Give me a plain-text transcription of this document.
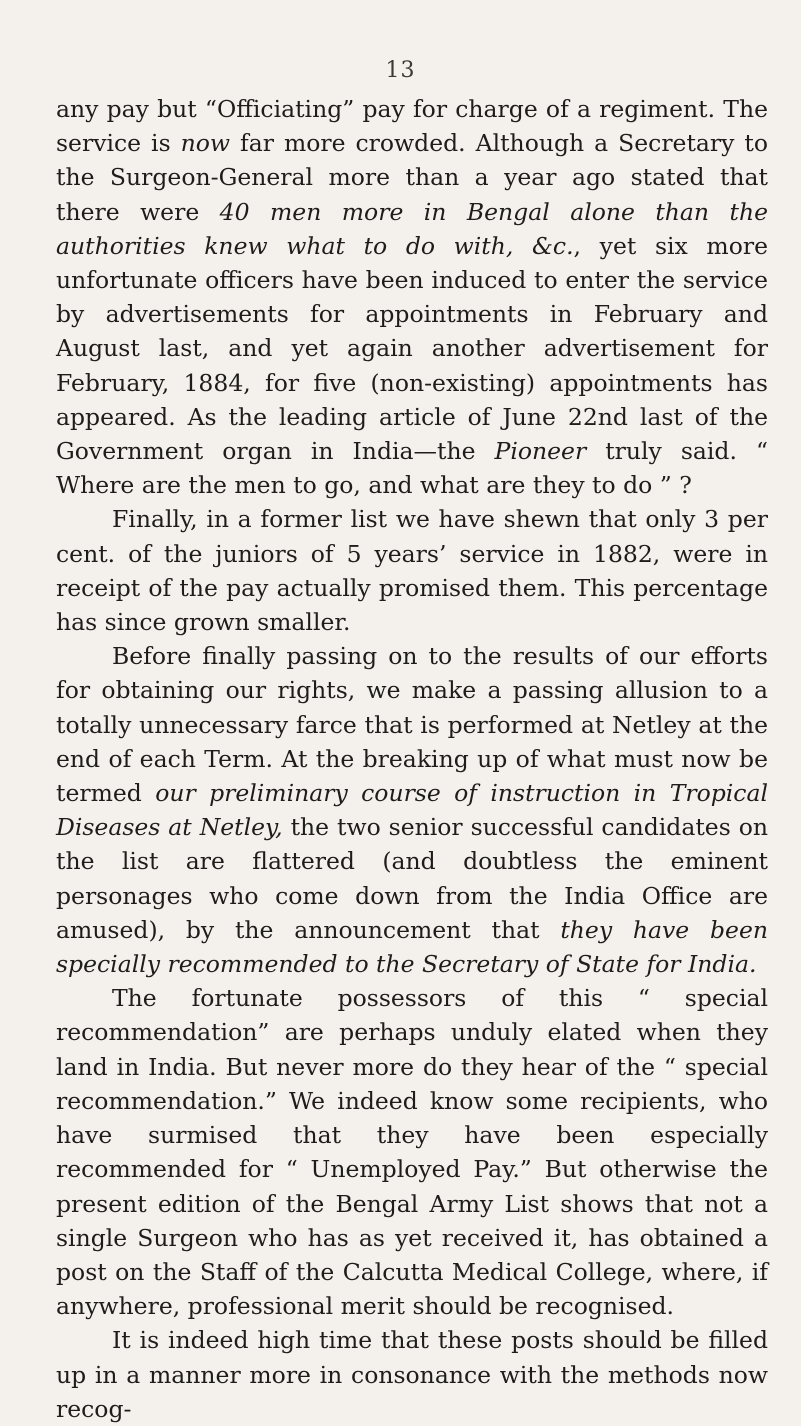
13

any pay but “Officiating” pay for charge of a regiment. The service is now far more crowded. Although a Secretary to the Surgeon-General more than a year ago stated that there were 40 men more in Bengal alone than the authorities knew what to do with, &c., yet six more unfortunate officers have been induced to enter the service by advertisements for appointments in February and August last, and yet again another advertisement for February, 1884, for five (non-existing) appointments has appeared. As the leading article of June 22nd last of the Government organ in India—the Pioneer truly said. “ Where are the men to go, and what are they to do ” ?

Finally, in a former list we have shewn that only 3 per cent. of the juniors of 5 years’ service in 1882, were in receipt of the pay actually promised them. This percentage has since grown smaller.

Before finally passing on to the results of our efforts for obtaining our rights, we make a passing allusion to a totally unnecessary farce that is performed at Netley at the end of each Term. At the breaking up of what must now be termed our preliminary course of instruction in Tropical Diseases at Netley, the two senior successful candidates on the list are flattered (and doubtless the eminent personages who come down from the India Office are amused), by the announcement that they have been specially recommended to the Secretary of State for India.

The fortunate possessors of this “ special recommendation” are perhaps unduly elated when they land in India. But never more do they hear of the “ special recommendation.” We indeed know some recipients, who have surmised that they have been especially recommended for “ Unemployed Pay.” But otherwise the present edition of the Bengal Army List shows that not a single Surgeon who has as yet received it, has obtained a post on the Staff of the Calcutta Medical College, where, if anywhere, professional merit should be recognised.

It is indeed high time that these posts should be filled up in a manner more in consonance with the methods now recog-
